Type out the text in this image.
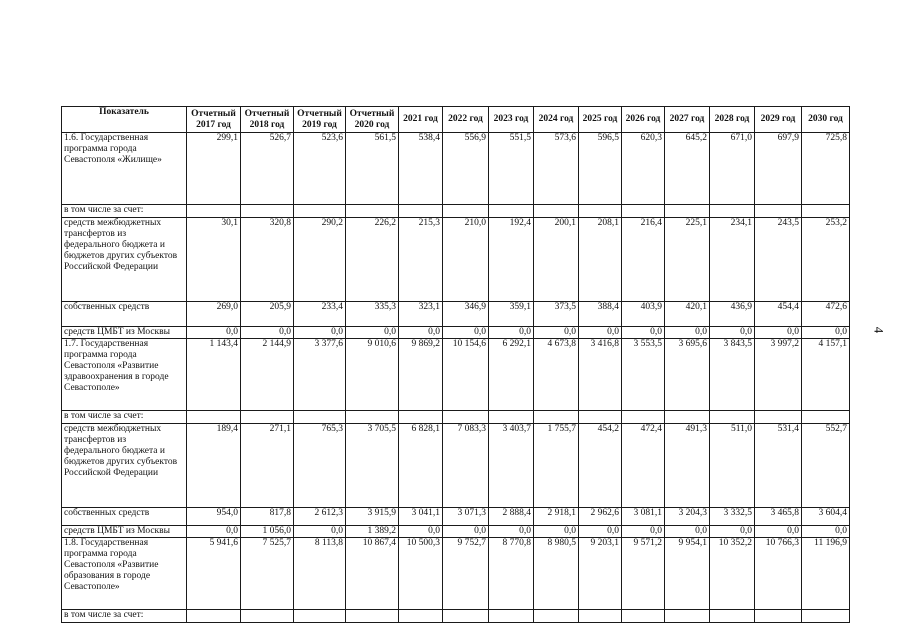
Показатель	Отчетный 2017 год	Отчетный 2018 год	Отчетный 2019 год	Отчетный 2020 год	2021 год	2022 год	2023 год	2024 год	2025 год	2026 год	2027 год	2028 год	2029 год	2030 год
1.6. Государственная программа города Севастополя «Жилище»	299,1	526,7	523,6	561,5	538,4	556,9	551,5	573,6	596,5	620,3	645,2	671,0	697,9	725,8
в том числе за счет:														
средств межбюджетных трансфертов из федерального бюджета и бюджетов других субъектов Российской Федерации	30,1	320,8	290,2	226,2	215,3	210,0	192,4	200,1	208,1	216,4	225,1	234,1	243,5	253,2
собственных средств	269,0	205,9	233,4	335,3	323,1	346,9	359,1	373,5	388,4	403,9	420,1	436,9	454,4	472,6
средств ЦМБТ из Москвы	0,0	0,0	0,0	0,0	0,0	0,0	0,0	0,0	0,0	0,0	0,0	0,0	0,0	0,0
1.7. Государственная программа города Севастополя «Развитие здравоохранения в городе Севастополе»	1 143,4	2 144,9	3 377,6	9 010,6	9 869,2	10 154,6	6 292,1	4 673,8	3 416,8	3 553,5	3 695,6	3 843,5	3 997,2	4 157,1
в том числе за счет:														
средств межбюджетных трансфертов из федерального бюджета и бюджетов других субъектов Российской Федерации	189,4	271,1	765,3	3 705,5	6 828,1	7 083,3	3 403,7	1 755,7	454,2	472,4	491,3	511,0	531,4	552,7
собственных средств	954,0	817,8	2 612,3	3 915,9	3 041,1	3 071,3	2 888,4	2 918,1	2 962,6	3 081,1	3 204,3	3 332,5	3 465,8	3 604,4
средств ЦМБТ из Москвы	0,0	1 056,0	0,0	1 389,2	0,0	0,0	0,0	0,0	0,0	0,0	0,0	0,0	0,0	0,0
1.8. Государственная программа города Севастополя «Развитие образования в городе Севастополе»	5 941,6	7 525,7	8 113,8	10 867,4	10 500,3	9 752,7	8 770,8	8 980,5	9 203,1	9 571,2	9 954,1	10 352,2	10 766,3	11 196,9
в том числе за счет:														
4
